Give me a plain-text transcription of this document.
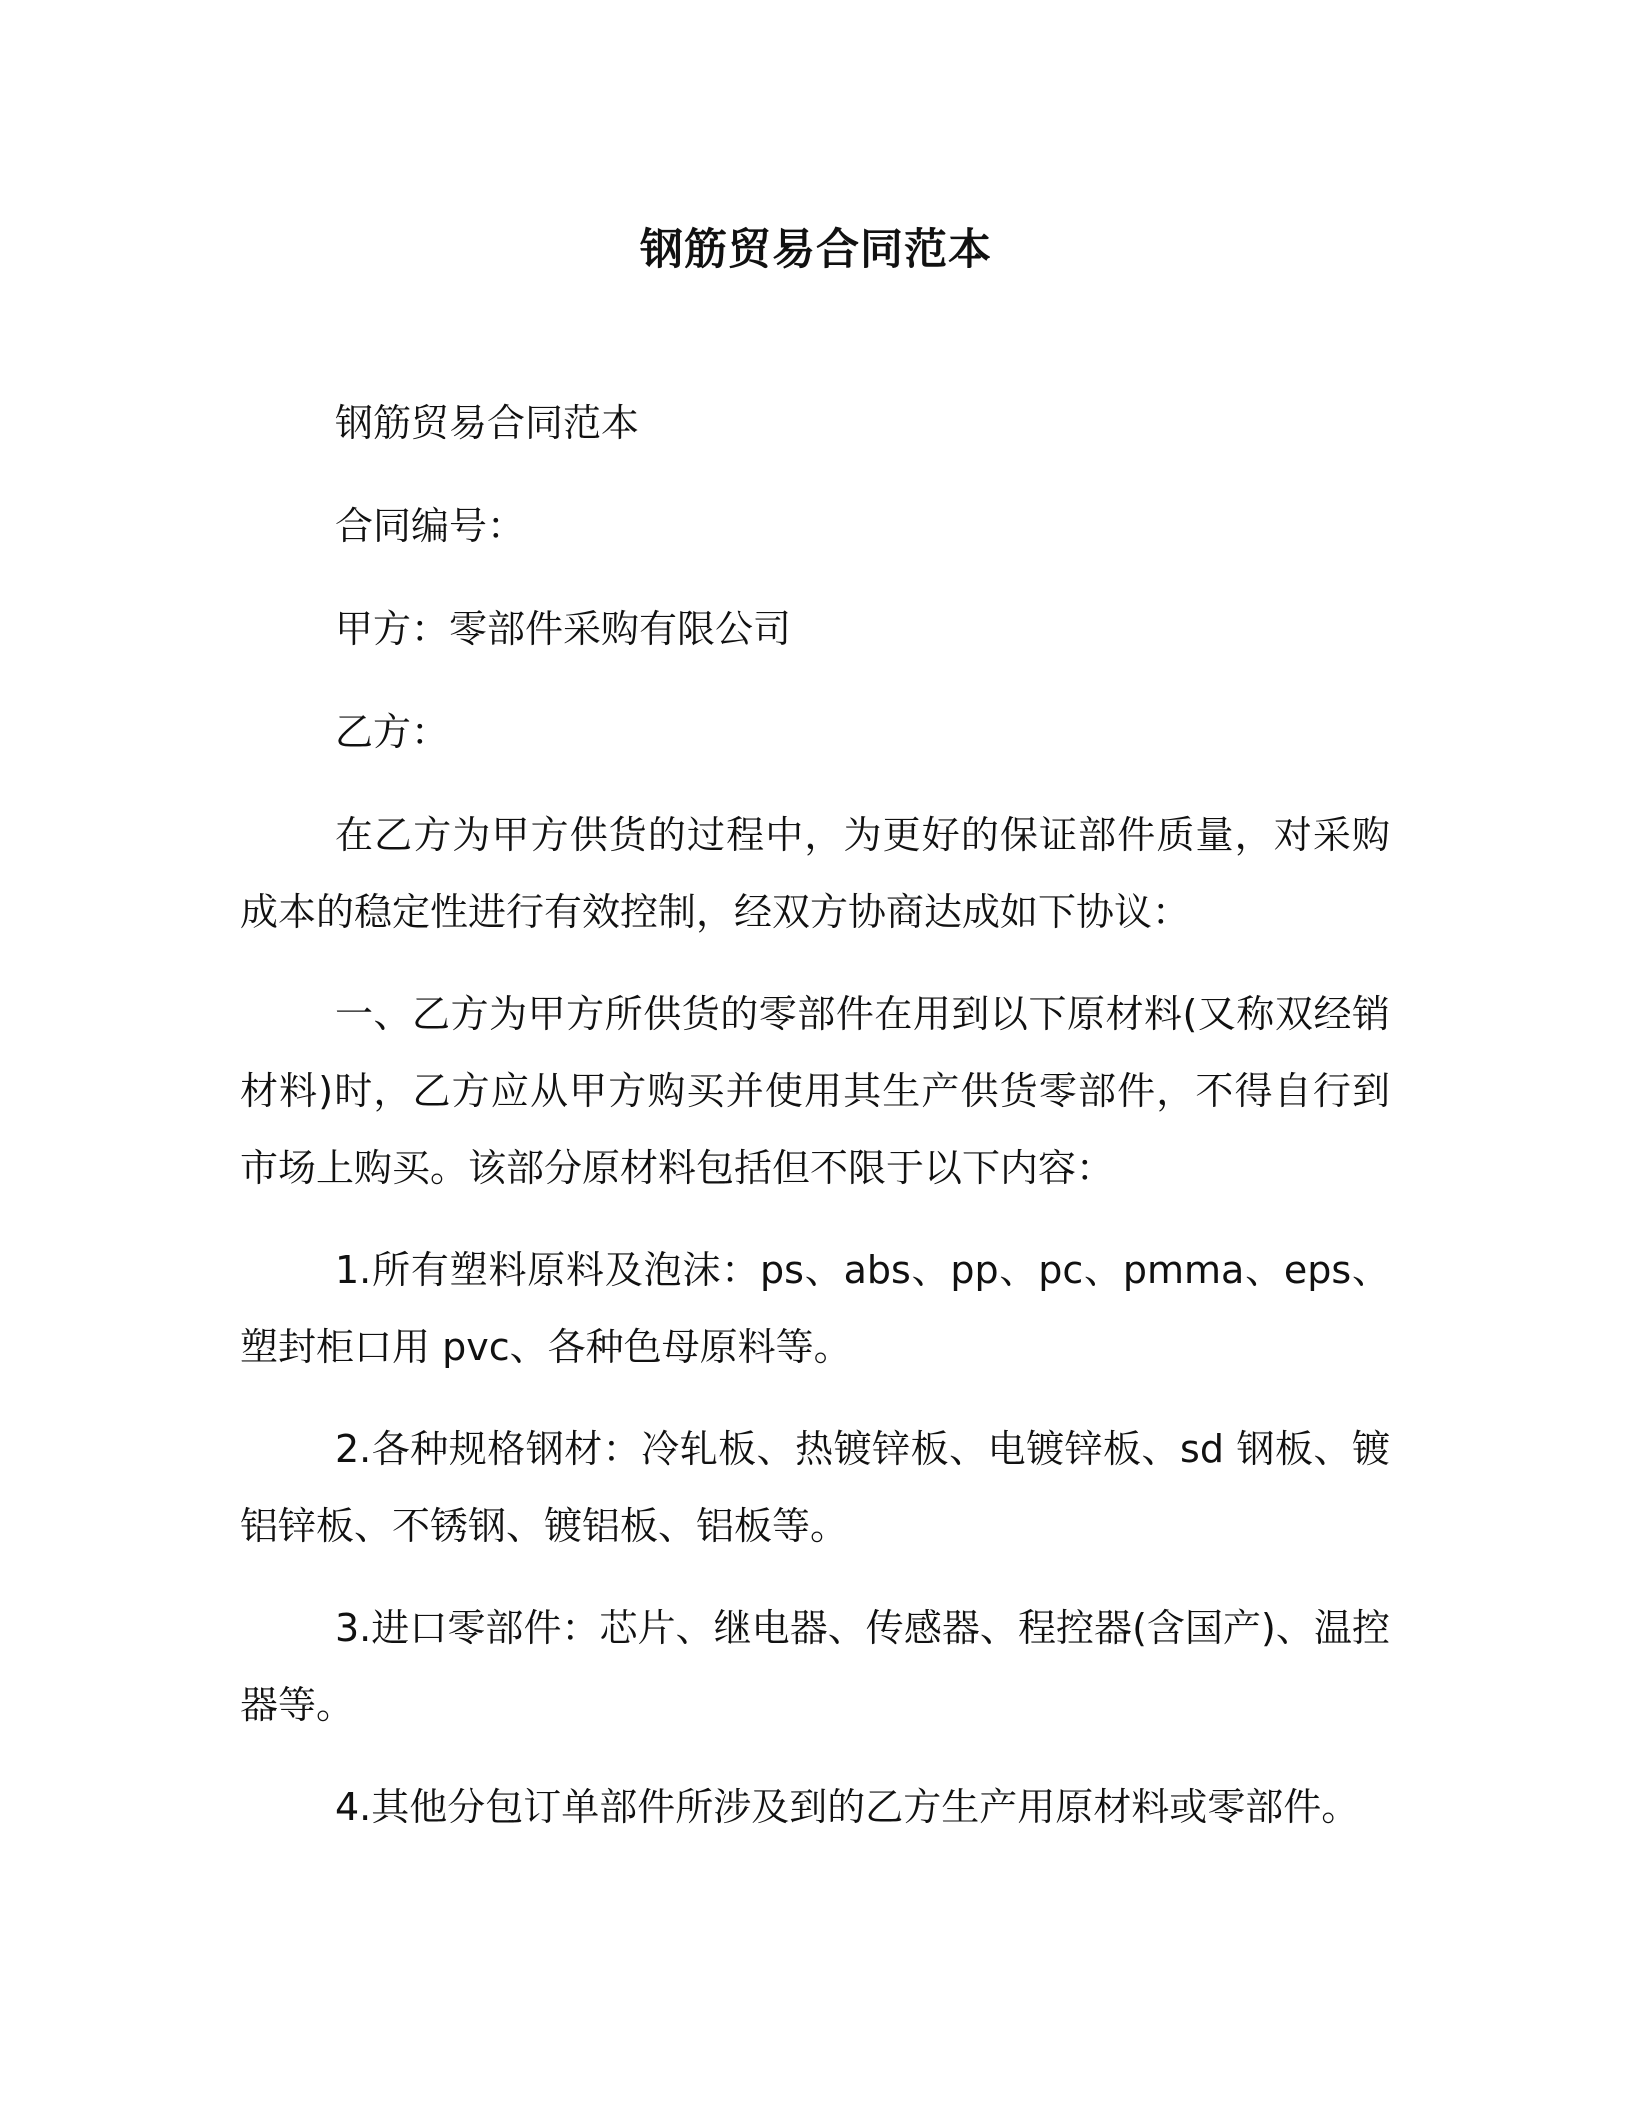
钢筋贸易合同范本

钢筋贸易合同范本

合同编号：

甲方：零部件采购有限公司

乙方：

在乙方为甲方供货的过程中，为更好的保证部件质量，对采购成本的稳定性进行有效控制，经双方协商达成如下协议：

一、乙方为甲方所供货的零部件在用到以下原材料(又称双经销材料)时，乙方应从甲方购买并使用其生产供货零部件，不得自行到市场上购买。该部分原材料包括但不限于以下内容：

1.所有塑料原料及泡沫：ps、abs、pp、pc、pmma、eps、塑封柜口用 pvc、各种色母原料等。

2.各种规格钢材：冷轧板、热镀锌板、电镀锌板、sd 钢板、镀铝锌板、不锈钢、镀铝板、铝板等。

3.进口零部件：芯片、继电器、传感器、程控器(含国产)、温控器等。

4.其他分包订单部件所涉及到的乙方生产用原材料或零部件。
